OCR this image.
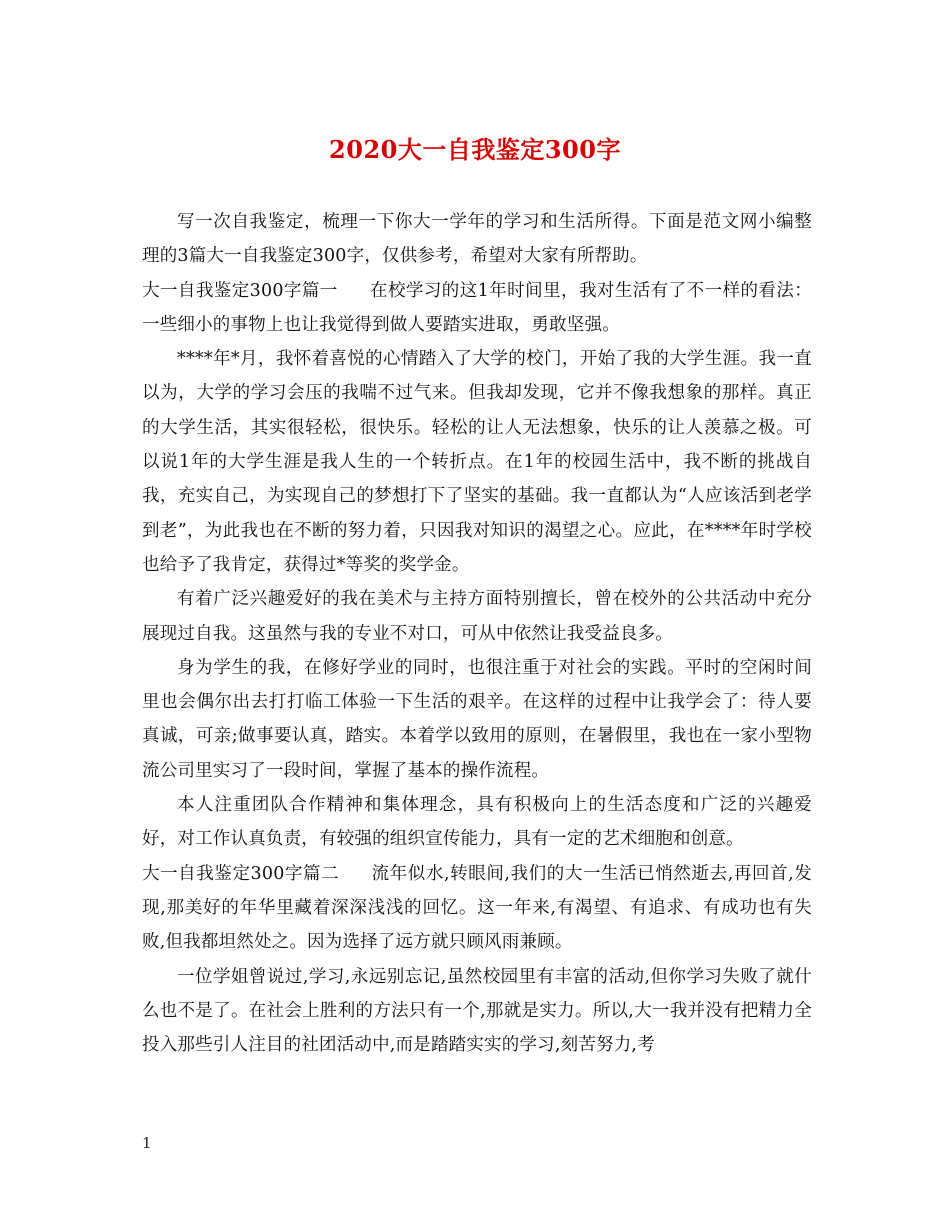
2020大一自我鉴定300字

写一次自我鉴定，梳理一下你大一学年的学习和生活所得。下面是范文网小编整理的3篇大一自我鉴定300字，仅供参考，希望对大家有所帮助。

大一自我鉴定300字篇一 在校学习的这1年时间里，我对生活有了不一样的看法：一些细小的事物上也让我觉得到做人要踏实进取，勇敢坚强。

****年*月，我怀着喜悦的心情踏入了大学的校门，开始了我的大学生涯。我一直以为，大学的学习会压的我喘不过气来。但我却发现，它并不像我想象的那样。真正的大学生活，其实很轻松，很快乐。轻松的让人无法想象，快乐的让人羡慕之极。可以说1年的大学生涯是我人生的一个转折点。在1年的校园生活中，我不断的挑战自我，充实自己，为实现自己的梦想打下了坚实的基础。我一直都认为“人应该活到老学到老”，为此我也在不断的努力着，只因我对知识的渴望之心。应此，在****年时学校也给予了我肯定，获得过*等奖的奖学金。

有着广泛兴趣爱好的我在美术与主持方面特别擅长，曾在校外的公共活动中充分展现过自我。这虽然与我的专业不对口，可从中依然让我受益良多。

身为学生的我，在修好学业的同时，也很注重于对社会的实践。平时的空闲时间里也会偶尔出去打打临工体验一下生活的艰辛。在这样的过程中让我学会了：待人要真诚，可亲;做事要认真，踏实。本着学以致用的原则，在暑假里，我也在一家小型物流公司里实习了一段时间，掌握了基本的操作流程。

本人注重团队合作精神和集体理念，具有积极向上的生活态度和广泛的兴趣爱好，对工作认真负责，有较强的组织宣传能力，具有一定的艺术细胞和创意。

大一自我鉴定300字篇二 流年似水,转眼间,我们的大一生活已悄然逝去,再回首,发现,那美好的年华里藏着深深浅浅的回忆。这一年来,有渴望、有追求、有成功也有失败,但我都坦然处之。因为选择了远方就只顾风雨兼顾。

一位学姐曾说过,学习,永远别忘记,虽然校园里有丰富的活动,但你学习失败了就什么也不是了。在社会上胜利的方法只有一个,那就是实力。所以,大一我并没有把精力全投入那些引人注目的社团活动中,而是踏踏实实的学习,刻苦努力,考

1
